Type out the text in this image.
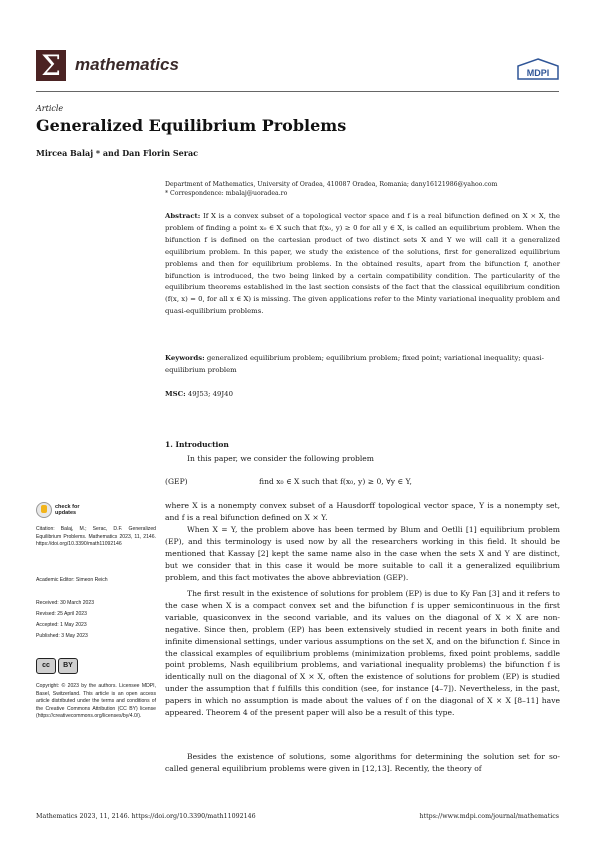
Σ mathematics	MDPI
Article
Generalized Equilibrium Problems
Mircea Balaj * and Dan Florin Serac
Department of Mathematics, University of Oradea, 410087 Oradea, Romania; dany16121986@yahoo.com
* Correspondence: mbalaj@uoradea.ro
Abstract: If X is a convex subset of a topological vector space and f is a real bifunction defined on X × X, the problem of finding a point x₀ ∈ X such that f(x₀, y) ≥ 0 for all y ∈ X, is called an equilibrium problem. When the bifunction f is defined on the cartesian product of two distinct sets X and Y we will call it a generalized equilibrium problem. In this paper, we study the existence of the solutions, first for generalized equilibrium problems and then for equilibrium problems. In the obtained results, apart from the bifunction f, another bifunction is introduced, the two being linked by a certain compatibility condition. The particularity of the equilibrium theorems established in the last section consists of the fact that the classical equilibrium condition (f(x, x) = 0, for all x ∈ X) is missing. The given applications refer to the Minty variational inequality problem and quasi-equilibrium problems.
Keywords: generalized equilibrium problem; equilibrium problem; fixed point; variational inequality; quasi-equilibrium problem
MSC: 49J53; 49J40
1. Introduction
In this paper, we consider the following problem
(GEP)	find x₀ ∈ X such that f(x₀, y) ≥ 0, ∀y ∈ Y,
where X is a nonempty convex subset of a Hausdorff topological vector space, Y is a nonempty set, and f is a real bifunction defined on X × Y.
When X = Y, the problem above has been termed by Blum and Oetlli [1] equilibrium problem (EP), and this terminology is used now by all the researchers working in this field. It should be mentioned that Kassay [2] kept the same name also in the case when the sets X and Y are distinct, but we consider that in this case it would be more suitable to call it a generalized equilibrium problem, and this fact motivates the above abbreviation (GEP).
The first result in the existence of solutions for problem (EP) is due to Ky Fan [3] and it refers to the case when X is a compact convex set and the bifunction f is upper semicontinuous in the first variable, quasiconvex in the second variable, and its values on the diagonal of X × X are non-negative. Since then, problem (EP) has been extensively studied in recent years in both finite and infinite dimensional settings, under various assumptions on the set X, and on the bifunction f. Since in the classical examples of equilibrium problems (minimization problems, fixed point problems, saddle point problems, Nash equilibrium problems, and variational inequality problems) the bifunction f is identically null on the diagonal of X × X, often the existence of solutions for problem (EP) is studied under the assumption that f fulfills this condition (see, for instance [4–7]). Nevertheless, in the past, papers in which no assumption is made about the values of f on the diagonal of X × X [8–11] have appeared. Theorem 4 of the present paper will also be a result of this type.
Besides the existence of solutions, some algorithms for determining the solution set for so-called general equilibrium problems were given in [12,13]. Recently, the theory of
check for
updates
Citation: Balaj, M.; Serac, D.F. Generalized Equilibrium Problems. Mathematics 2023, 11, 2146. https://doi.org/10.3390/math11092146
Academic Editor: Simeon Reich
Received: 30 March 2023
Revised: 25 April 2023
Accepted: 1 May 2023
Published: 3 May 2023
cc	BY
Copyright: © 2023 by the authors. Licensee MDPI, Basel, Switzerland. This article is an open access article distributed under the terms and conditions of the Creative Commons Attribution (CC BY) license (https://creativecommons.org/licenses/by/4.0/).
Mathematics 2023, 11, 2146. https://doi.org/10.3390/math11092146	https://www.mdpi.com/journal/mathematics
